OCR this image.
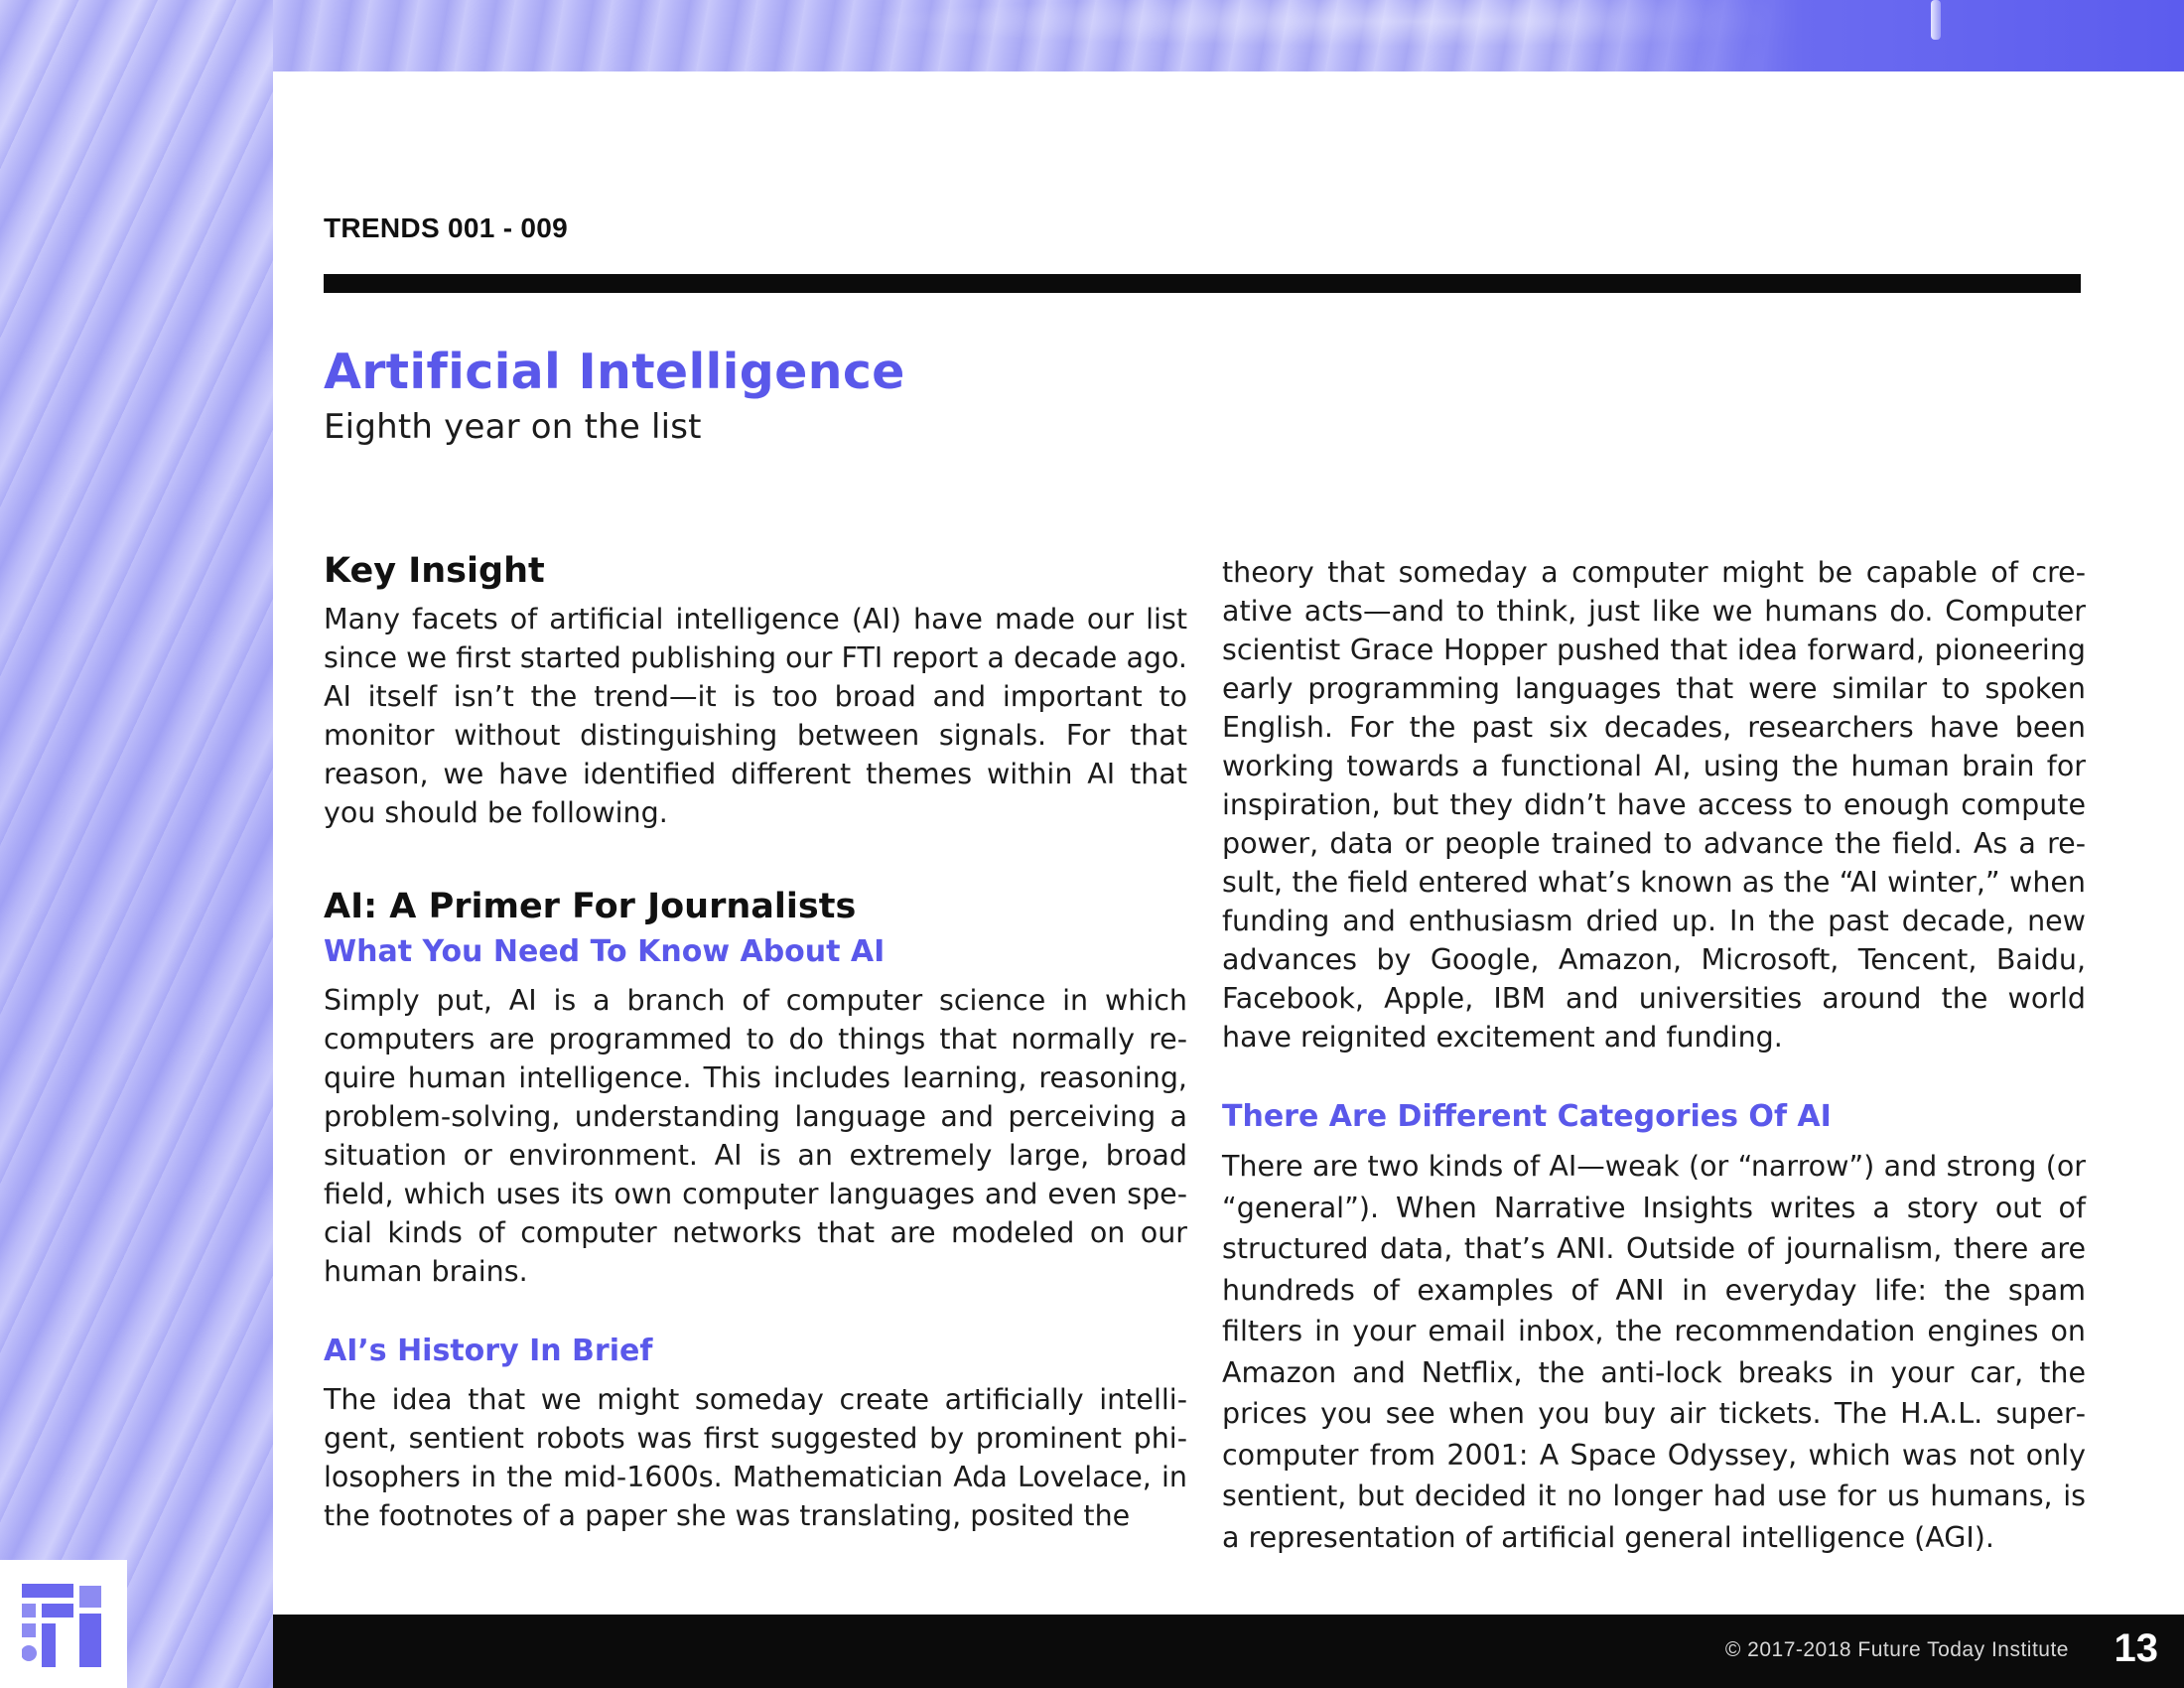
TRENDS 001 - 009
Artificial Intelligence
Eighth year on the list
Key Insight

Many facets of artificial intelligence (AI) have made our list since we first started publishing our FTI report a decade ago. AI itself isn’t the trend—it is too broad and important to monitor without distinguishing between signals. For that reason, we have identified different themes within AI that you should be following.

AI: A Primer For Journalists
What You Need To Know About AI

Simply put, AI is a branch of computer science in which computers are programmed to do things that normally require human intelligence. This includes learning, reasoning, problem-solving, understanding language and perceiving a situation or environment. AI is an extremely large, broad field, which uses its own computer languages and even special kinds of computer networks that are modeled on our human brains.

AI’s History In Brief

The idea that we might someday create artificially intelligent, sentient robots was first suggested by prominent philosophers in the mid-1600s. Mathematician Ada Lovelace, in the footnotes of a paper she was translating, posited the

theory that someday a computer might be capable of creative acts—and to think, just like we humans do. Computer scientist Grace Hopper pushed that idea forward, pioneering early programming languages that were similar to spoken English. For the past six decades, researchers have been working towards a functional AI, using the human brain for inspiration, but they didn’t have access to enough compute power, data or people trained to advance the field. As a result, the field entered what’s known as the “AI winter,” when funding and enthusiasm dried up. In the past decade, new advances by Google, Amazon, Microsoft, Tencent, Baidu, Facebook, Apple, IBM and universities around the world have reignited excitement and funding.

There Are Different Categories Of AI

There are two kinds of AI—weak (or “narrow”) and strong (or “general”). When Narrative Insights writes a story out of structured data, that’s ANI. Outside of journalism, there are hundreds of examples of ANI in everyday life: the spam filters in your email inbox, the recommendation engines on Amazon and Netflix, the anti-lock breaks in your car, the prices you see when you buy air tickets. The H.A.L. supercomputer from 2001: A Space Odyssey, which was not only sentient, but decided it no longer had use for us humans, is a representation of artificial general intelligence (AGI).

© 2017-2018 Future Today Institute 13
